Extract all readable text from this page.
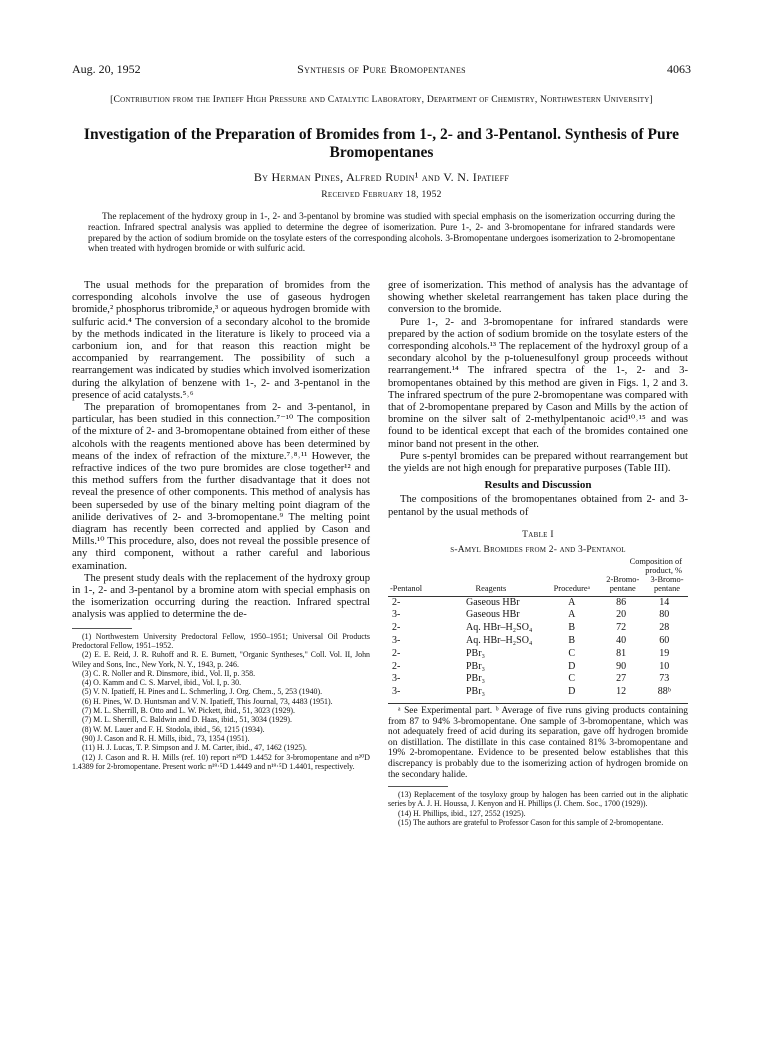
Aug. 20, 1952	Synthesis of Pure Bromopentanes	4063
[Contribution from the Ipatieff High Pressure and Catalytic Laboratory, Department of Chemistry, Northwestern University]
Investigation of the Preparation of Bromides from 1-, 2- and 3-Pentanol. Synthesis of Pure Bromopentanes
By Herman Pines, Alfred Rudin¹ and V. N. Ipatieff
Received February 18, 1952
The replacement of the hydroxy group in 1-, 2- and 3-pentanol by bromine was studied with special emphasis on the isomerization occurring during the reaction. Infrared spectral analysis was applied to determine the degree of isomerization. Pure 1-, 2- and 3-bromopentane for infrared standards were prepared by the action of sodium bromide on the tosylate esters of the corresponding alcohols. 3-Bromopentane undergoes isomerization to 2-bromopentane when treated with hydrogen bromide or with sulfuric acid.

The usual methods for the preparation of bromides from the corresponding alcohols involve the use of gaseous hydrogen bromide,² phosphorus tribromide,³ or aqueous hydrogen bromide with sulfuric acid.⁴ The conversion of a secondary alcohol to the bromide by the methods indicated in the literature is likely to proceed via a carbonium ion, and for that reason this reaction might be accompanied by rearrangement. The possibility of such a rearrangement was indicated by studies which involved isomerization during the alkylation of benzene with 1-, 2- and 3-pentanol in the presence of acid catalysts.⁵˒⁶

The preparation of bromopentanes from 2- and 3-pentanol, in particular, has been studied in this connection.⁷⁻¹⁰ The composition of the mixture of 2- and 3-bromopentane obtained from either of these alcohols with the reagents mentioned above has been determined by means of the index of refraction of the mixture.⁷˒⁸˒¹¹ However, the refractive indices of the two pure bromides are close together¹² and this method suffers from the further disadvantage that it does not reveal the presence of other components. This method of analysis has been superseded by use of the binary melting point diagram of the anilide derivatives of 2- and 3-bromopentane.⁹ The melting point diagram has recently been corrected and applied by Cason and Mills.¹⁰ This procedure, also, does not reveal the possible presence of any third component, without a rather careful and laborious examination.

The present study deals with the replacement of the hydroxy group in 1-, 2- and 3-pentanol by a bromine atom with special emphasis on the isomerization occurring during the reaction. Infrared spectral analysis was applied to determine the de-

(1) Northwestern University Predoctoral Fellow, 1950–1951; Universal Oil Products Predoctoral Fellow, 1951–1952.

(2) E. E. Reid, J. R. Ruhoff and R. E. Burnett, "Organic Syntheses," Coll. Vol. II, John Wiley and Sons, Inc., New York, N. Y., 1943, p. 246.

(3) C. R. Noller and R. Dinsmore, ibid., Vol. II, p. 358.

(4) O. Kamm and C. S. Marvel, ibid., Vol. I, p. 30.

(5) V. N. Ipatieff, H. Pines and L. Schmerling, J. Org. Chem., 5, 253 (1940).

(6) H. Pines, W. D. Huntsman and V. N. Ipatieff, This Journal, 73, 4483 (1951).

(7) M. L. Sherrill, B. Otto and L. W. Pickett, ibid., 51, 3023 (1929).

(7) M. L. Sherrill, C. Baldwin and D. Haas, ibid., 51, 3034 (1929).

(8) W. M. Lauer and F. H. Stodola, ibid., 56, 1215 (1934).

(90) J. Cason and R. H. Mills, ibid., 73, 1354 (1951).

(11) H. J. Lucas, T. P. Simpson and J. M. Carter, ibid., 47, 1462 (1925).

(12) J. Cason and R. H. Mills (ref. 10) report n²⁰D 1.4452 for 3-bromopentane and n²⁰D 1.4389 for 2-bromopentane. Present work: n¹⁹·⁵D 1.4449 and n¹⁹·⁵D 1.4401, respectively.

gree of isomerization. This method of analysis has the advantage of showing whether skeletal rearrangement has taken place during the conversion to the bromide.

Pure 1-, 2- and 3-bromopentane for infrared standards were prepared by the action of sodium bromide on the tosylate esters of the corresponding alcohols.¹³ The replacement of the hydroxyl group of a secondary alcohol by the p-toluenesulfonyl group proceeds without rearrangement.¹⁴ The infrared spectra of the 1-, 2- and 3-bromopentanes obtained by this method are given in Figs. 1, 2 and 3. The infrared spectrum of the pure 2-bromopentane was compared with that of 2-bromopentane prepared by Cason and Mills by the action of bromine on the silver salt of 2-methylpentanoic acid¹⁰˒¹⁵ and was found to be identical except that each of the bromides contained one minor band not present in the other.

Pure s-pentyl bromides can be prepared without rearrangement but the yields are not high enough for preparative purposes (Table III).

Results and Discussion

The compositions of the bromopentanes obtained from 2- and 3-pentanol by the usual methods of

Table I
s-Amyl Bromides from 2- and 3-Pentanol
-Pentanol	Reagents	Procedureᵃ	Composition of product, %
2-Bromo- pentane
3-Bromo- pentane	

2-	Gaseous HBr	A	86	14
3-	Gaseous HBr	A	20	80
2-	Aq. HBr–H₂SO₄	B	72	28
3-	Aq. HBr–H₂SO₄	B	40	60
2-	PBr₃	C	81	19
2-	PBr₃	D	90	10
3-	PBr₃	C	27	73
3-	PBr₃	D	12	88ᵇ
ᵃ See Experimental part. ᵇ Average of five runs giving products containing from 87 to 94% 3-bromopentane. One sample of 3-bromopentane, which was not adequately freed of acid during its separation, gave off hydrogen bromide on distillation. The distillate in this case contained 81% 3-bromopentane and 19% 2-bromopentane. Evidence to be presented below establishes that this discrepancy is probably due to the isomerizing action of hydrogen bromide on the secondary halide.

(13) Replacement of the tosyloxy group by halogen has been carried out in the aliphatic series by A. J. H. Houssa, J. Kenyon and H. Phillips (J. Chem. Soc., 1700 (1929)).

(14) H. Phillips, ibid., 127, 2552 (1925).

(15) The authors are grateful to Professor Cason for this sample of 2-bromopentane.
